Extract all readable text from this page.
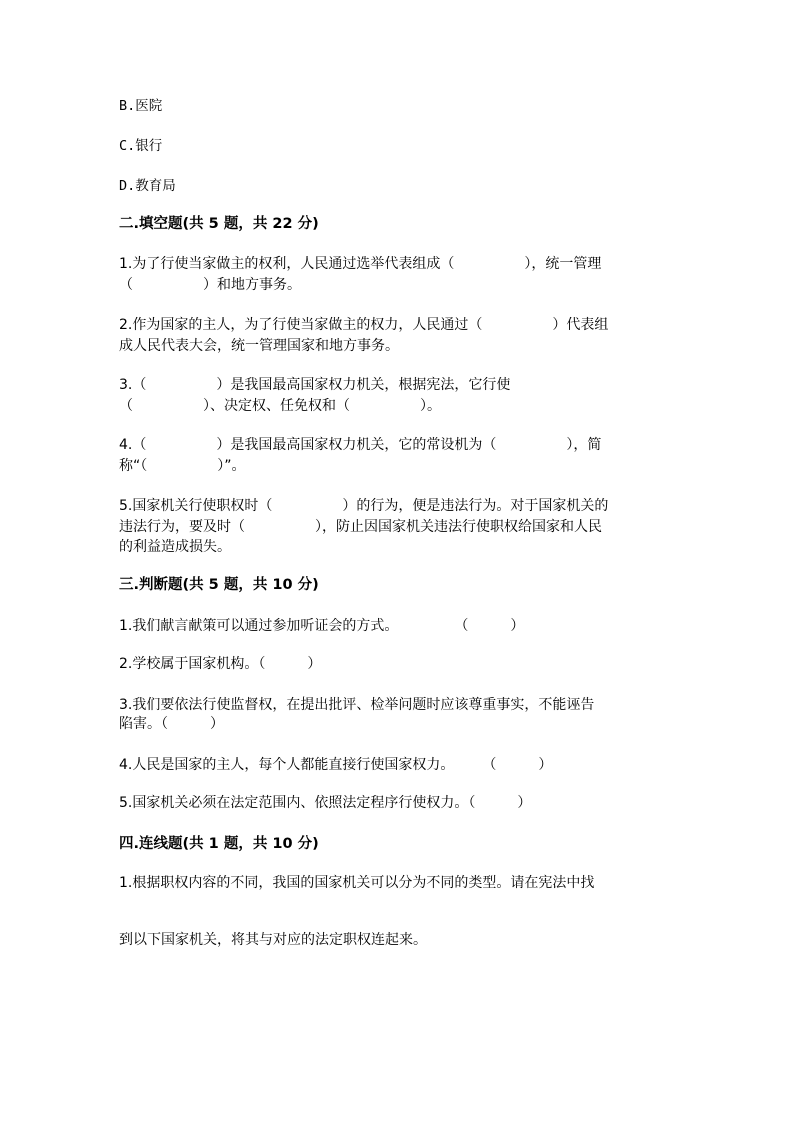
B.医院
C.银行
D.教育局
二.填空题(共 5 题，共 22 分)
1.为了行使当家做主的权利，人民通过选举代表组成（　　　　　），统一管理
（　　　　　）和地方事务。
2.作为国家的主人，为了行使当家做主的权力，人民通过（　　　　　）代表组
成人民代表大会，统一管理国家和地方事务。
3.（　　　　　）是我国最高国家权力机关，根据宪法，它行使
（　　　　　）、决定权、任免权和（　　　　　）。
4.（　　　　　）是我国最高国家权力机关，它的常设机为（　　　　　），简
称“（　　　　　）”。
5.国家机关行使职权时（　　　　　）的行为，便是违法行为。对于国家机关的
违法行为，要及时（　　　　　），防止因国家机关违法行使职权给国家和人民
的利益造成损失。
三.判断题(共 5 题，共 10 分)
1.我们献言献策可以通过参加听证会的方式。　　　　　（　　　）
2.学校属于国家机构。（　　　）
3.我们要依法行使监督权，在提出批评、检举问题时应该尊重事实，不能诬告
陷害。（　　　）
4.人民是国家的主人，每个人都能直接行使国家权力。　　　（　　　）
5.国家机关必须在法定范围内、依照法定程序行使权力。（　　　）
四.连线题(共 1 题，共 10 分)
1.根据职权内容的不同，我国的国家机关可以分为不同的类型。请在宪法中找
到以下国家机关，将其与对应的法定职权连起来。
